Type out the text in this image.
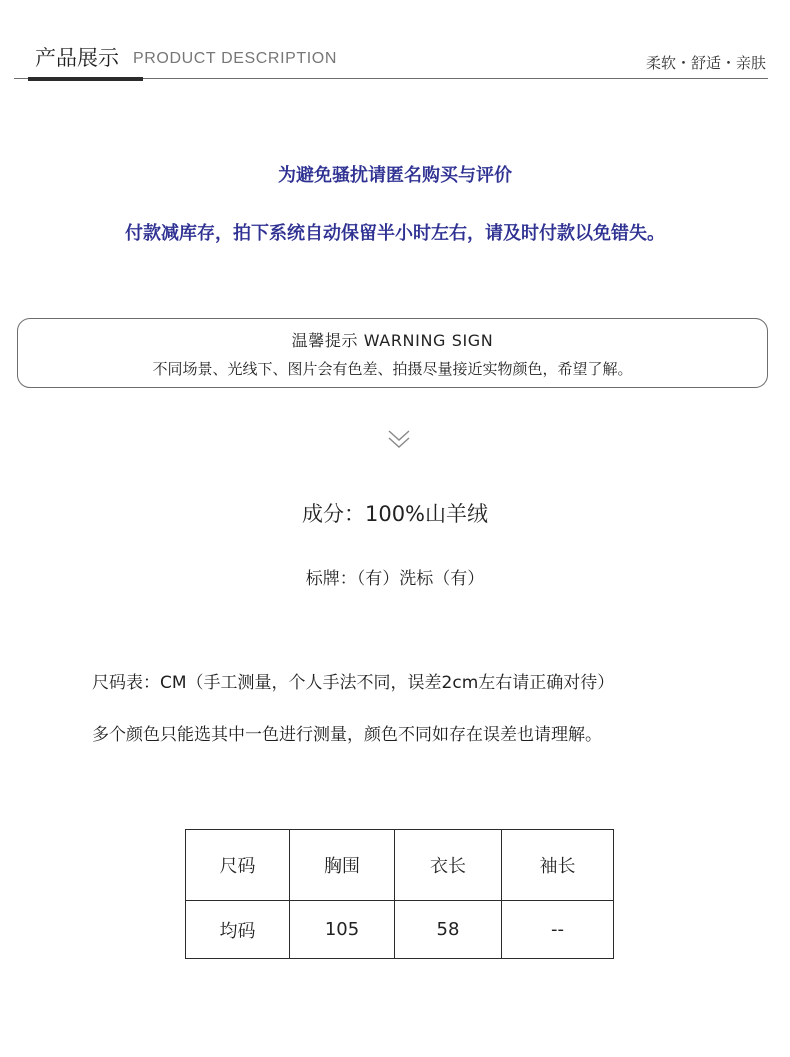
产品展示 PRODUCT DESCRIPTION	柔软・舒适・亲肤
为避免骚扰请匿名购买与评价
付款减库存，拍下系统自动保留半小时左右，请及时付款以免错失。
温馨提示 WARNING SIGN
不同场景、光线下、图片会有色差、拍摄尽量接近实物颜色，希望了解。
成分：100%山羊绒
标牌：（有）洗标（有）
尺码表：CM（手工测量，个人手法不同，误差2cm左右请正确对待）
多个颜色只能选其中一色进行测量，颜色不同如存在误差也请理解。
尺码	胸围	衣长	袖长
均码	105	58	--
